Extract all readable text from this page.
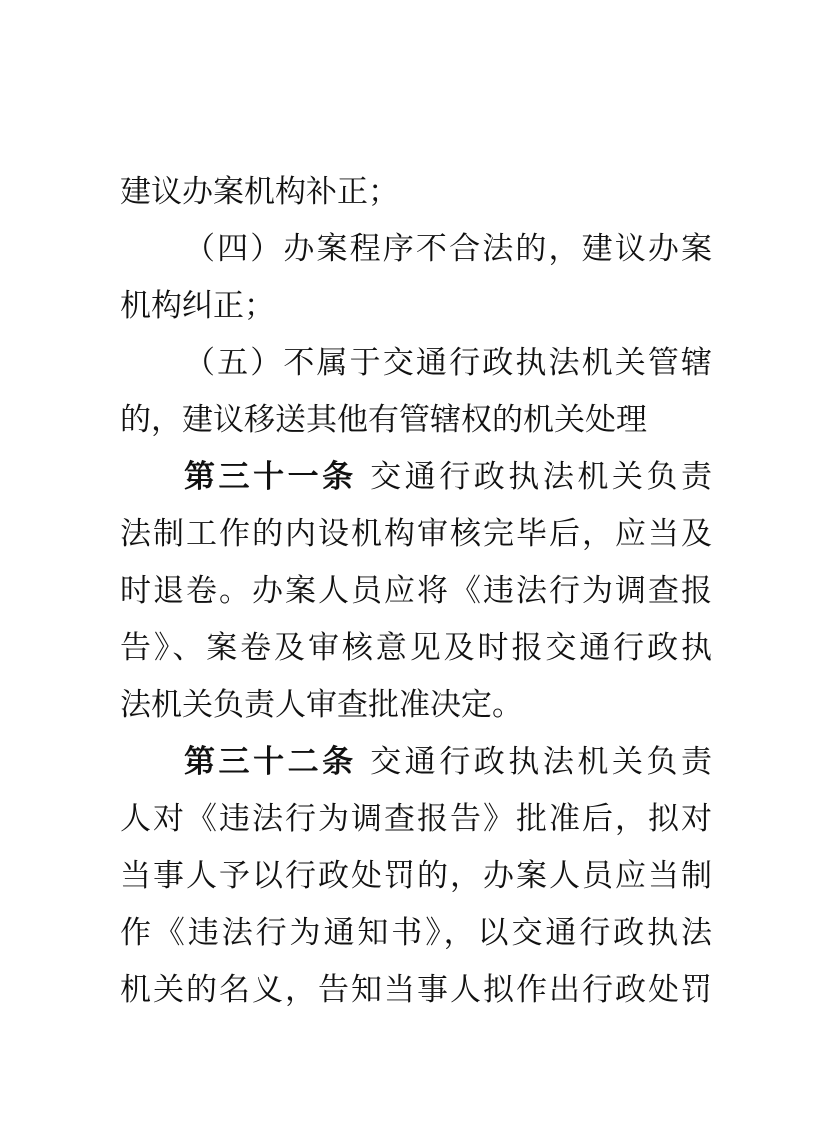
建议办案机构补正；
（四）办案程序不合法的，建议办案
机构纠正；
（五）不属于交通行政执法机关管辖
的，建议移送其他有管辖权的机关处理
第三十一条 交通行政执法机关负责
法制工作的内设机构审核完毕后，应当及
时退卷。办案人员应将《违法行为调查报
告》、案卷及审核意见及时报交通行政执
法机关负责人审查批准决定。
第三十二条 交通行政执法机关负责
人对《违法行为调查报告》批准后，拟对
当事人予以行政处罚的，办案人员应当制
作《违法行为通知书》，以交通行政执法
机关的名义，告知当事人拟作出行政处罚
